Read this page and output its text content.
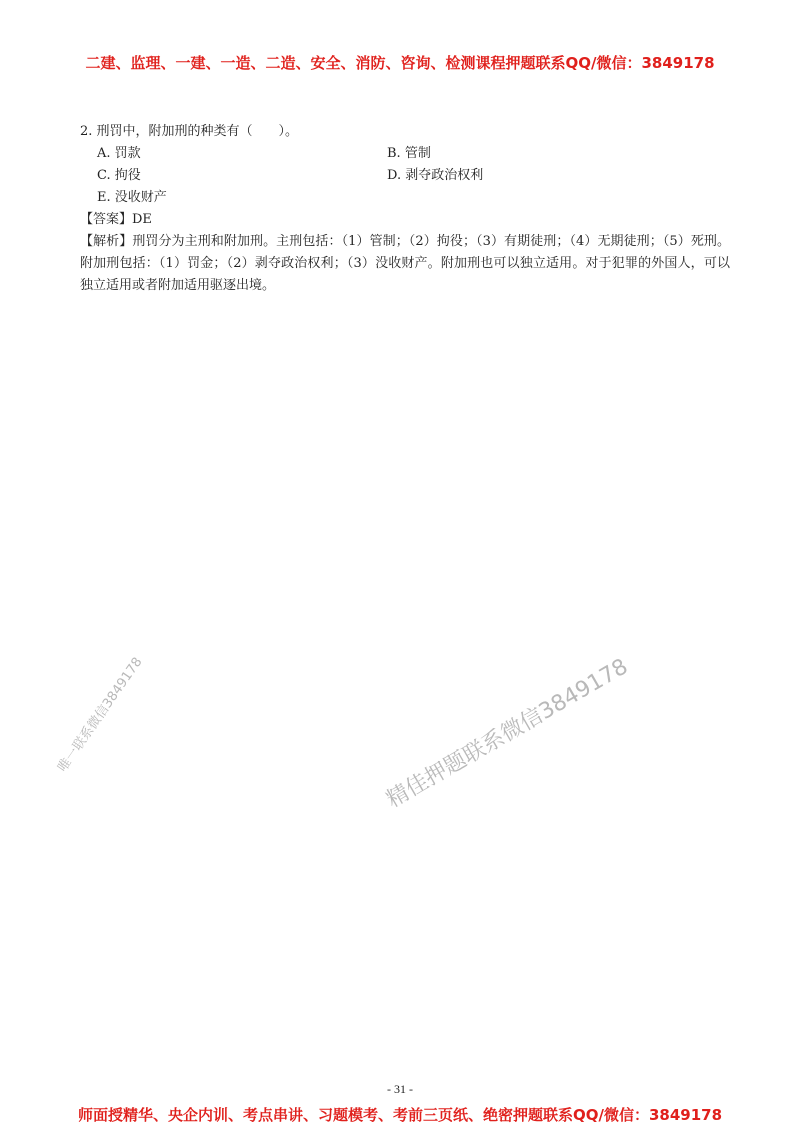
二建、监理、一建、一造、二造、安全、消防、咨询、检测课程押题联系QQ/微信：3849178

2. 刑罚中，附加刑的种类有（　　）。

A. 罚款	B. 管制
C. 拘役	D. 剥夺政治权利
E. 没收财产

【答案】DE

【解析】刑罚分为主刑和附加刑。主刑包括：（1）管制；（2）拘役；（3）有期徒刑；（4）无期徒刑；（5）死刑。附加刑包括：（1）罚金；（2）剥夺政治权利；（3）没收财产。附加刑也可以独立适用。对于犯罪的外国人，可以独立适用或者附加适用驱逐出境。

唯一联系微信3849178	精佳押题联系微信3849178
- 31 -
师面授精华、央企内训、考点串讲、习题模考、考前三页纸、绝密押题联系QQ/微信：3849178
